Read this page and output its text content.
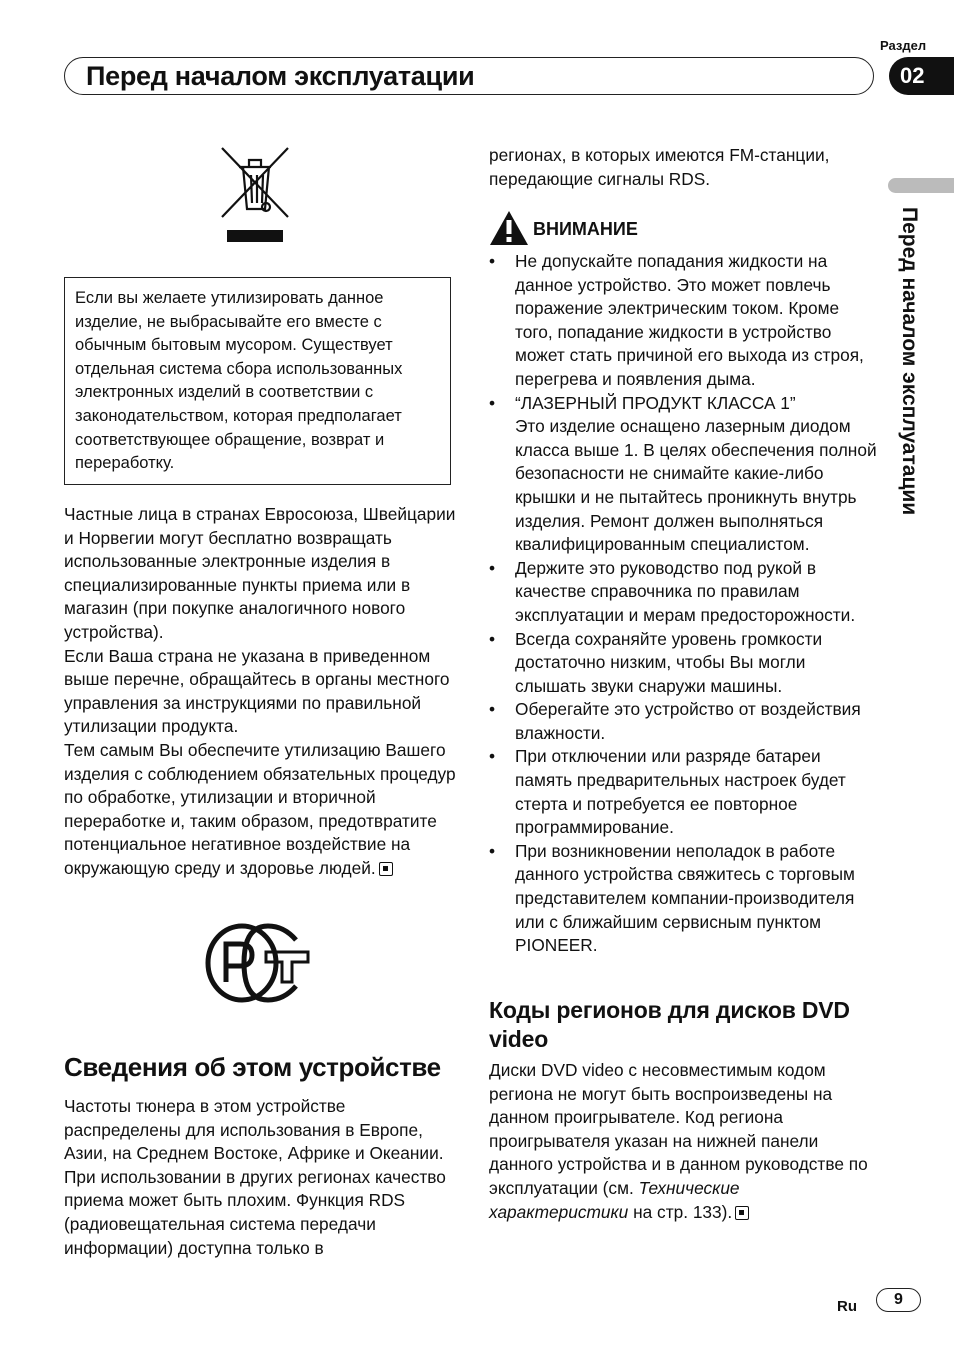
Перед началом эксплуатации
Раздел
02
Перед началом эксплуатации

Если вы желаете утилизировать данное изделие, не выбрасывайте его вместе с обычным бытовым мусором. Существует отдельная система сбора использованных электронных изделий в соответствии с законодательством, которая предполагает соответствующее обращение, возврат и переработку.

Частные лица в странах Евросоюза, Швейцарии и Норвегии могут бесплатно возвращать использованные электронные изделия в специализированные пункты приема или в магазин (при покупке аналогичного нового устройства).

Если Ваша страна не указана в приведенном выше перечне, обращайтесь в органы местного управления за инструкциями по правильной утилизации продукта.

Тем самым Вы обеспечите утилизацию Вашего изделия с соблюдением обязательных процедур по обработке, утилизации и вторичной переработке и, таким образом, предотвратите потенциальное негативное воздействие на окружающую среду и здоровье людей.

Сведения об этом устройстве
Частоты тюнера в этом устройстве распределены для использования в Европе, Азии, на Среднем Востоке, Африке и Океании. При использовании в других регионах качество приема может быть плохим. Функция RDS (радиовещательная система передачи информации) доступна только в
регионах, в которых имеются FM-станции, передающие сигналы RDS.
ВНИМАНИЕ
• Не допускайте попадания жидкости на данное устройство. Это может повлечь поражение электрическим током. Кроме того, попадание жидкости в устройство может стать причиной его выхода из строя, перегрева и появления дыма.
• “ЛАЗЕРНЫЙ ПРОДУКТ КЛАССА 1”
Это изделие оснащено лазерным диодом класса выше 1. В целях обеспечения полной безопасности не снимайте какие-либо крышки и не пытайтесь проникнуть внутрь изделия. Ремонт должен выполняться квалифицированным специалистом.
• Держите это руководство под рукой в качестве справочника по правилам эксплуатации и мерам предосторожности.
• Всегда сохраняйте уровень громкости достаточно низким, чтобы Вы могли слышать звуки снаружи машины.
• Оберегайте это устройство от воздействия влажности.
• При отключении или разряде батареи память предварительных настроек будет стерта и потребуется ее повторное программирование.
• При возникновении неполадок в работе данного устройства свяжитесь с торговым представителем компании-производителя или с ближайшим сервисным пунктом PIONEER.
Коды регионов для дисков DVD video
Диски DVD video с несовместимым кодом региона не могут быть воспроизведены на данном проигрывателе. Код региона проигрывателя указан на нижней панели данного устройства и в данном руководстве по эксплуатации (см. Технические характеристики на стр. 133).
Ru	9
